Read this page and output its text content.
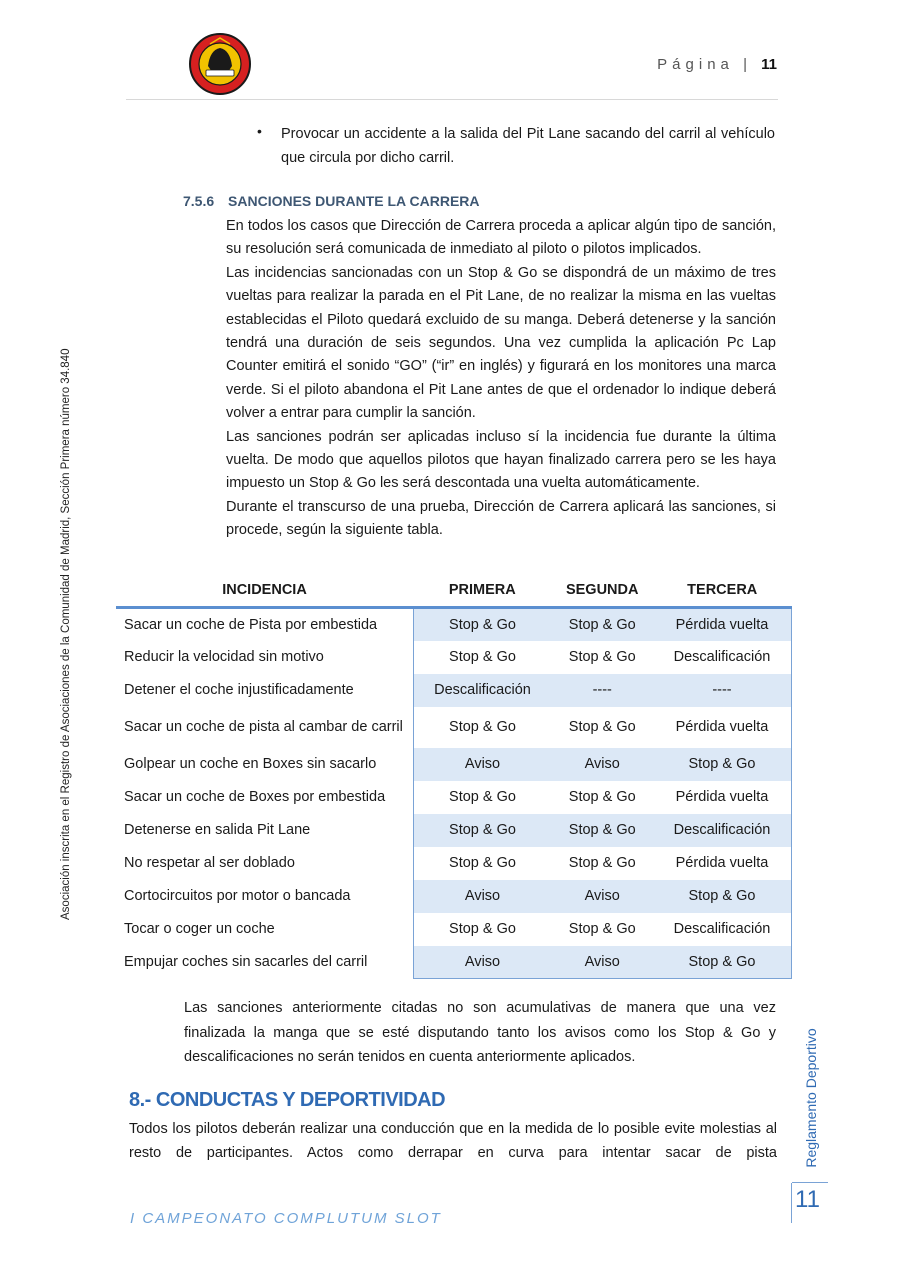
Página | 11
Asociación inscrita en el Registro de Asociaciones de la Comunidad de Madrid, Sección Primera número 34.840
• Provocar un accidente a la salida del Pit Lane sacando del carril al vehículo que circula por dicho carril.
7.5.6 SANCIONES DURANTE LA CARRERA

En todos los casos que Dirección de Carrera proceda a aplicar algún tipo de sanción, su resolución será comunicada de inmediato al piloto o pilotos implicados.

Las incidencias sancionadas con un Stop & Go se dispondrá de un máximo de tres vueltas para realizar la parada en el Pit Lane, de no realizar la misma en las vueltas establecidas el Piloto quedará excluido de su manga. Deberá detenerse y la sanción tendrá una duración de seis segundos. Una vez cumplida la aplicación Pc Lap Counter emitirá el sonido “GO” (“ir” en inglés) y figurará en los monitores una marca verde. Si el piloto abandona el Pit Lane antes de que el ordenador lo indique deberá volver a entrar para cumplir la sanción.

Las sanciones podrán ser aplicadas incluso sí la incidencia fue durante la última vuelta. De modo que aquellos pilotos que hayan finalizado carrera pero se les haya impuesto un Stop & Go les será descontada una vuelta automáticamente.

Durante el transcurso de una prueba, Dirección de Carrera aplicará las sanciones, si procede, según la siguiente tabla.

INCIDENCIA	PRIMERA	SEGUNDA	TERCERA
Sacar un coche de Pista por embestida	Stop & Go	Stop & Go	Pérdida vuelta
Reducir la velocidad sin motivo	Stop & Go	Stop & Go	Descalificación
Detener el coche injustificadamente	Descalificación	----	----
Sacar un coche de pista al cambar de carril	Stop & Go	Stop & Go	Pérdida vuelta
Golpear un coche en Boxes sin sacarlo	Aviso	Aviso	Stop & Go
Sacar un coche de Boxes por embestida	Stop & Go	Stop & Go	Pérdida vuelta
Detenerse en salida Pit Lane	Stop & Go	Stop & Go	Descalificación
No respetar al ser doblado	Stop & Go	Stop & Go	Pérdida vuelta
Cortocircuitos por motor o bancada	Aviso	Aviso	Stop & Go
Tocar o coger un coche	Stop & Go	Stop & Go	Descalificación
Empujar coches sin sacarles del carril	Aviso	Aviso	Stop & Go
Las sanciones anteriormente citadas no son acumulativas de manera que una vez finalizada la manga que se esté disputando tanto los avisos como los Stop & Go y descalificaciones no serán tenidos en cuenta anteriormente aplicados.
8.- CONDUCTAS Y DEPORTIVIDAD
Todos los pilotos deberán realizar una conducción que en la medida de lo posible evite molestias al resto de participantes. Actos como derrapar en curva para intentar sacar de pista
I CAMPEONATO COMPLUTUM SLOT
Reglamento Deportivo
11
